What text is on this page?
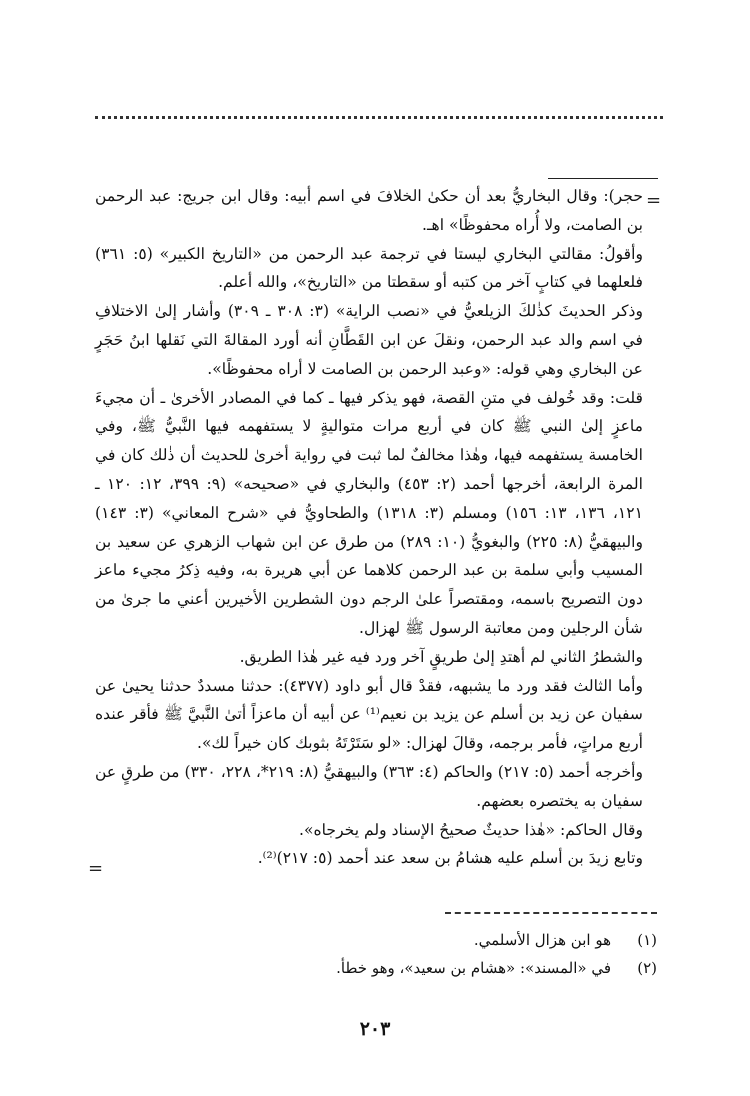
=

حجر): وقال البخاريُّ بعد أن حكىٰ الخلافَ في اسم أبيه: وقال ابن جريج: عبد الرحمن بن الصامت، ولا أُراه محفوظًا» اهـ.

وأقولُ: مقالتي البخاري ليستا في ترجمة عبد الرحمن من «التاريخ الكبير» (٥: ٣٦١) فلعلهما في كتابٍ آخر من كتبه أو سقطتا من «التاريخ»، والله أعلم.

وذكر الحديثَ كذٰلكَ الزيلعيُّ في «نصب الراية» (٣: ٣٠٨ ـ ٣٠٩) وأشار إلىٰ الاختلافِ في اسم والد عبد الرحمن، ونقلَ عن ابن القَطَّانِ أنه أورد المقالةَ التي نَقلها ابنُ حَجَرٍ عن البخاري وهي قوله: «وعبد الرحمن بن الصامت لا أراه محفوظًا».

قلت: وقد خُولف في متنِ القصة، فهو يذكر فيها ـ كما في المصادر الأخرىٰ ـ أن مجيءَ ماعزٍ إلىٰ النبي ﷺ كان في أربع مرات متواليةٍ لا يستفهمه فيها النَّبيُّ ﷺ، وفي الخامسة يستفهمه فيها، وهٰذا مخالفٌ لما ثبت في رواية أخرىٰ للحديث أن ذٰلك كان في المرة الرابعة، أخرجها أحمد (٢: ٤٥٣) والبخاري في «صحيحه» (٩: ٣٩٩، ١٢: ١٢٠ ـ ١٢١، ١٣٦، ١٣: ١٥٦) ومسلم (٣: ١٣١٨) والطحاويُّ في «شرح المعاني» (٣: ١٤٣) والبيهقيُّ (٨: ٢٢٥) والبغويُّ (١٠: ٢٨٩) من طرق عن ابن شهاب الزهري عن سعيد بن المسيب وأبي سلمة بن عبد الرحمن كلاهما عن أبي هريرة به، وفيه ذِكرُ مجيء ماعز دون التصريح باسمه، ومقتصراً علىٰ الرجم دون الشطرين الأخيرين أعني ما جرىٰ من شأن الرجلين ومن معاتبة الرسول ﷺ لهزال.

والشطرُ الثاني لم أهتدِ إلىٰ طريقٍ آخر ورد فيه غير هٰذا الطريق.

وأما الثالث فقد ورد ما يشبهه، فقدْ قال أبو داود (٤٣٧٧): حدثنا مسددٌ حدثنا يحيىٰ عن سفيان عن زيد بن أسلم عن يزيد بن نعيم⁽¹⁾ عن أبيه أن ماعزاً أتىٰ النَّبيَّ ﷺ فأقر عنده أربع مراتٍ، فأمر برجمه، وقالَ لهزال: «لو سَتَرْتَهُ بثوبك كان خيراً لك».

وأخرجه أحمد (٥: ٢١٧) والحاكم (٤: ٣٦٣) والبيهقيُّ (٨: ٢١٩*، ٢٢٨، ٣٣٠) من طرقٍ عن سفيان به يختصره بعضهم.

وقال الحاكم: «هٰذا حديثٌ صحيحُ الإسناد ولم يخرجاه».

وتابع زيدَ بن أسلم عليه هشامُ بن سعد عند أحمد (٥: ٢١٧)⁽²⁾.

=
(١)
هو ابن هزال الأسلمي.
(٢)
في «المسند»: «هشام بن سعيد»، وهو خطأ.
٢٠٣
